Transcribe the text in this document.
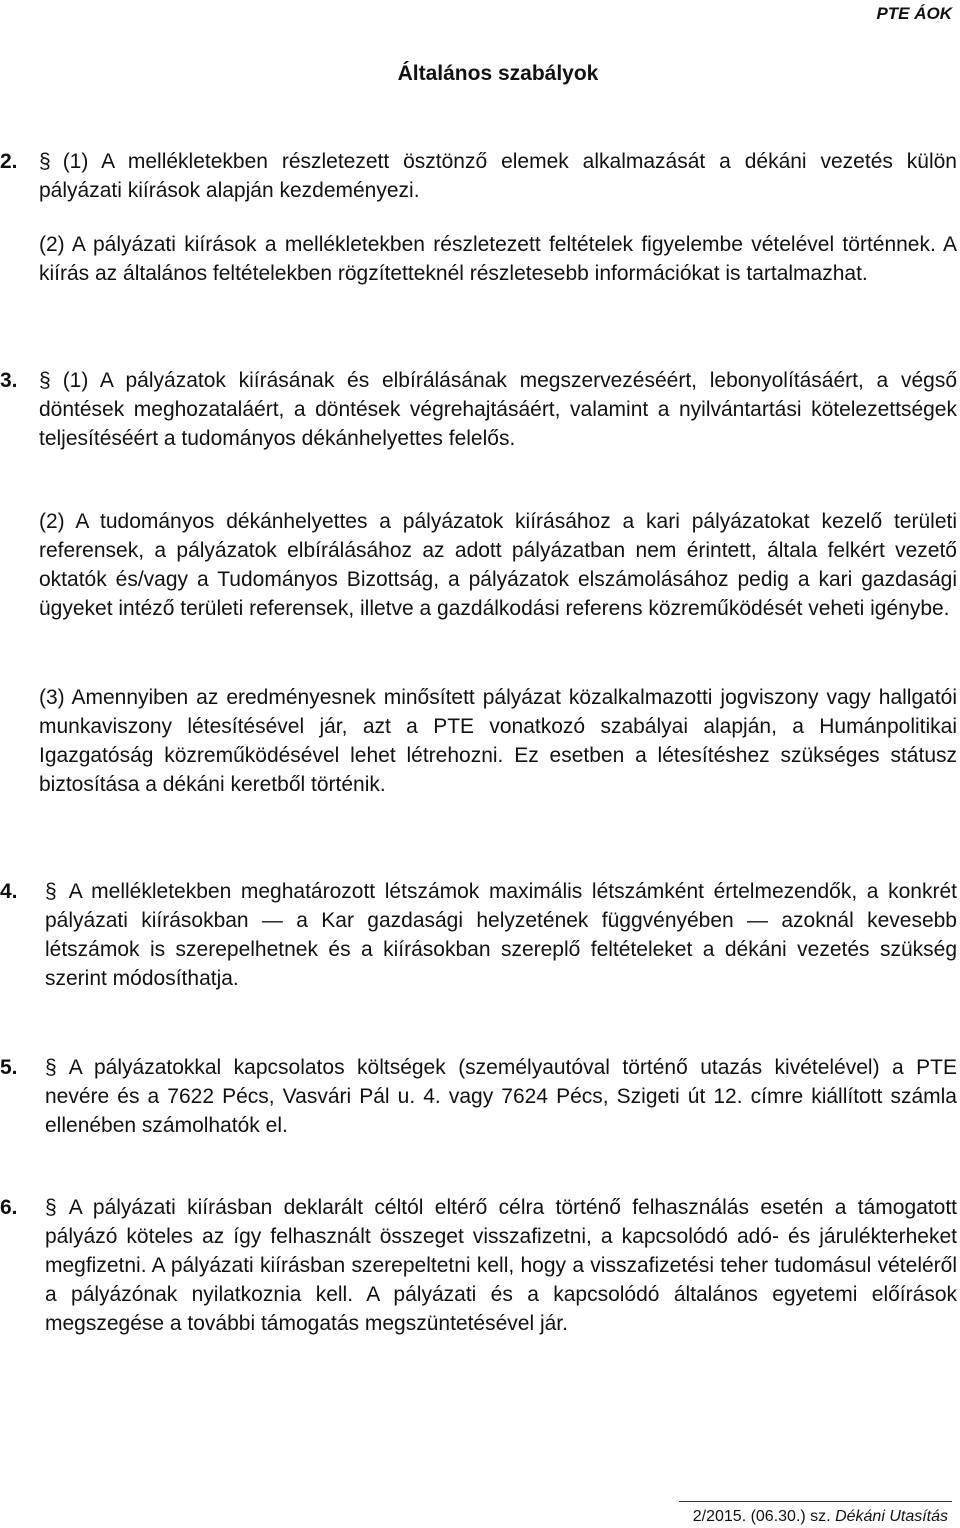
PTE ÁOK
Általános szabályok
2. § (1) A mellékletekben részletezett ösztönző elemek alkalmazását a dékáni vezetés külön pályázati kiírások alapján kezdeményezi.
(2) A pályázati kiírások a mellékletekben részletezett feltételek figyelembe vételével történnek. A kiírás az általános feltételekben rögzítetteknél részletesebb információkat is tartalmazhat.
3. § (1) A pályázatok kiírásának és elbírálásának megszervezéséért, lebonyolításáért, a végső döntések meghozataláért, a döntések végrehajtásáért, valamint a nyilvántartási kötelezettségek teljesítéséért a tudományos dékánhelyettes felelős.
(2) A tudományos dékánhelyettes a pályázatok kiírásához a kari pályázatokat kezelő területi referensek, a pályázatok elbírálásához az adott pályázatban nem érintett, általa felkért vezető oktatók és/vagy a Tudományos Bizottság, a pályázatok elszámolásához pedig a kari gazdasági ügyeket intéző területi referensek, illetve a gazdálkodási referens közreműködését veheti igénybe.
(3) Amennyiben az eredményesnek minősített pályázat közalkalmazotti jogviszony vagy hallgatói munkaviszony létesítésével jár, azt a PTE vonatkozó szabályai alapján, a Humánpolitikai Igazgatóság közreműködésével lehet létrehozni. Ez esetben a létesítéshez szükséges státusz biztosítása a dékáni keretből történik.
4. § A mellékletekben meghatározott létszámok maximális létszámként értelmezendők, a konkrét pályázati kiírásokban — a Kar gazdasági helyzetének függvényében — azoknál kevesebb létszámok is szerepelhetnek és a kiírásokban szereplő feltételeket a dékáni vezetés szükség szerint módosíthatja.
5. § A pályázatokkal kapcsolatos költségek (személyautóval történő utazás kivételével) a PTE nevére és a 7622 Pécs, Vasvári Pál u. 4. vagy 7624 Pécs, Szigeti út 12. címre kiállított számla ellenében számolhatók el.
6. § A pályázati kiírásban deklarált céltól eltérő célra történő felhasználás esetén a támogatott pályázó köteles az így felhasznált összeget visszafizetni, a kapcsolódó adó- és járulékterheket megfizetni. A pályázati kiírásban szerepeltetni kell, hogy a visszafizetési teher tudomásul vételéről a pályázónak nyilatkoznia kell. A pályázati és a kapcsolódó általános egyetemi előírások megszegése a további támogatás megszüntetésével jár.
2/2015. (06.30.) sz. Dékáni Utasítás
